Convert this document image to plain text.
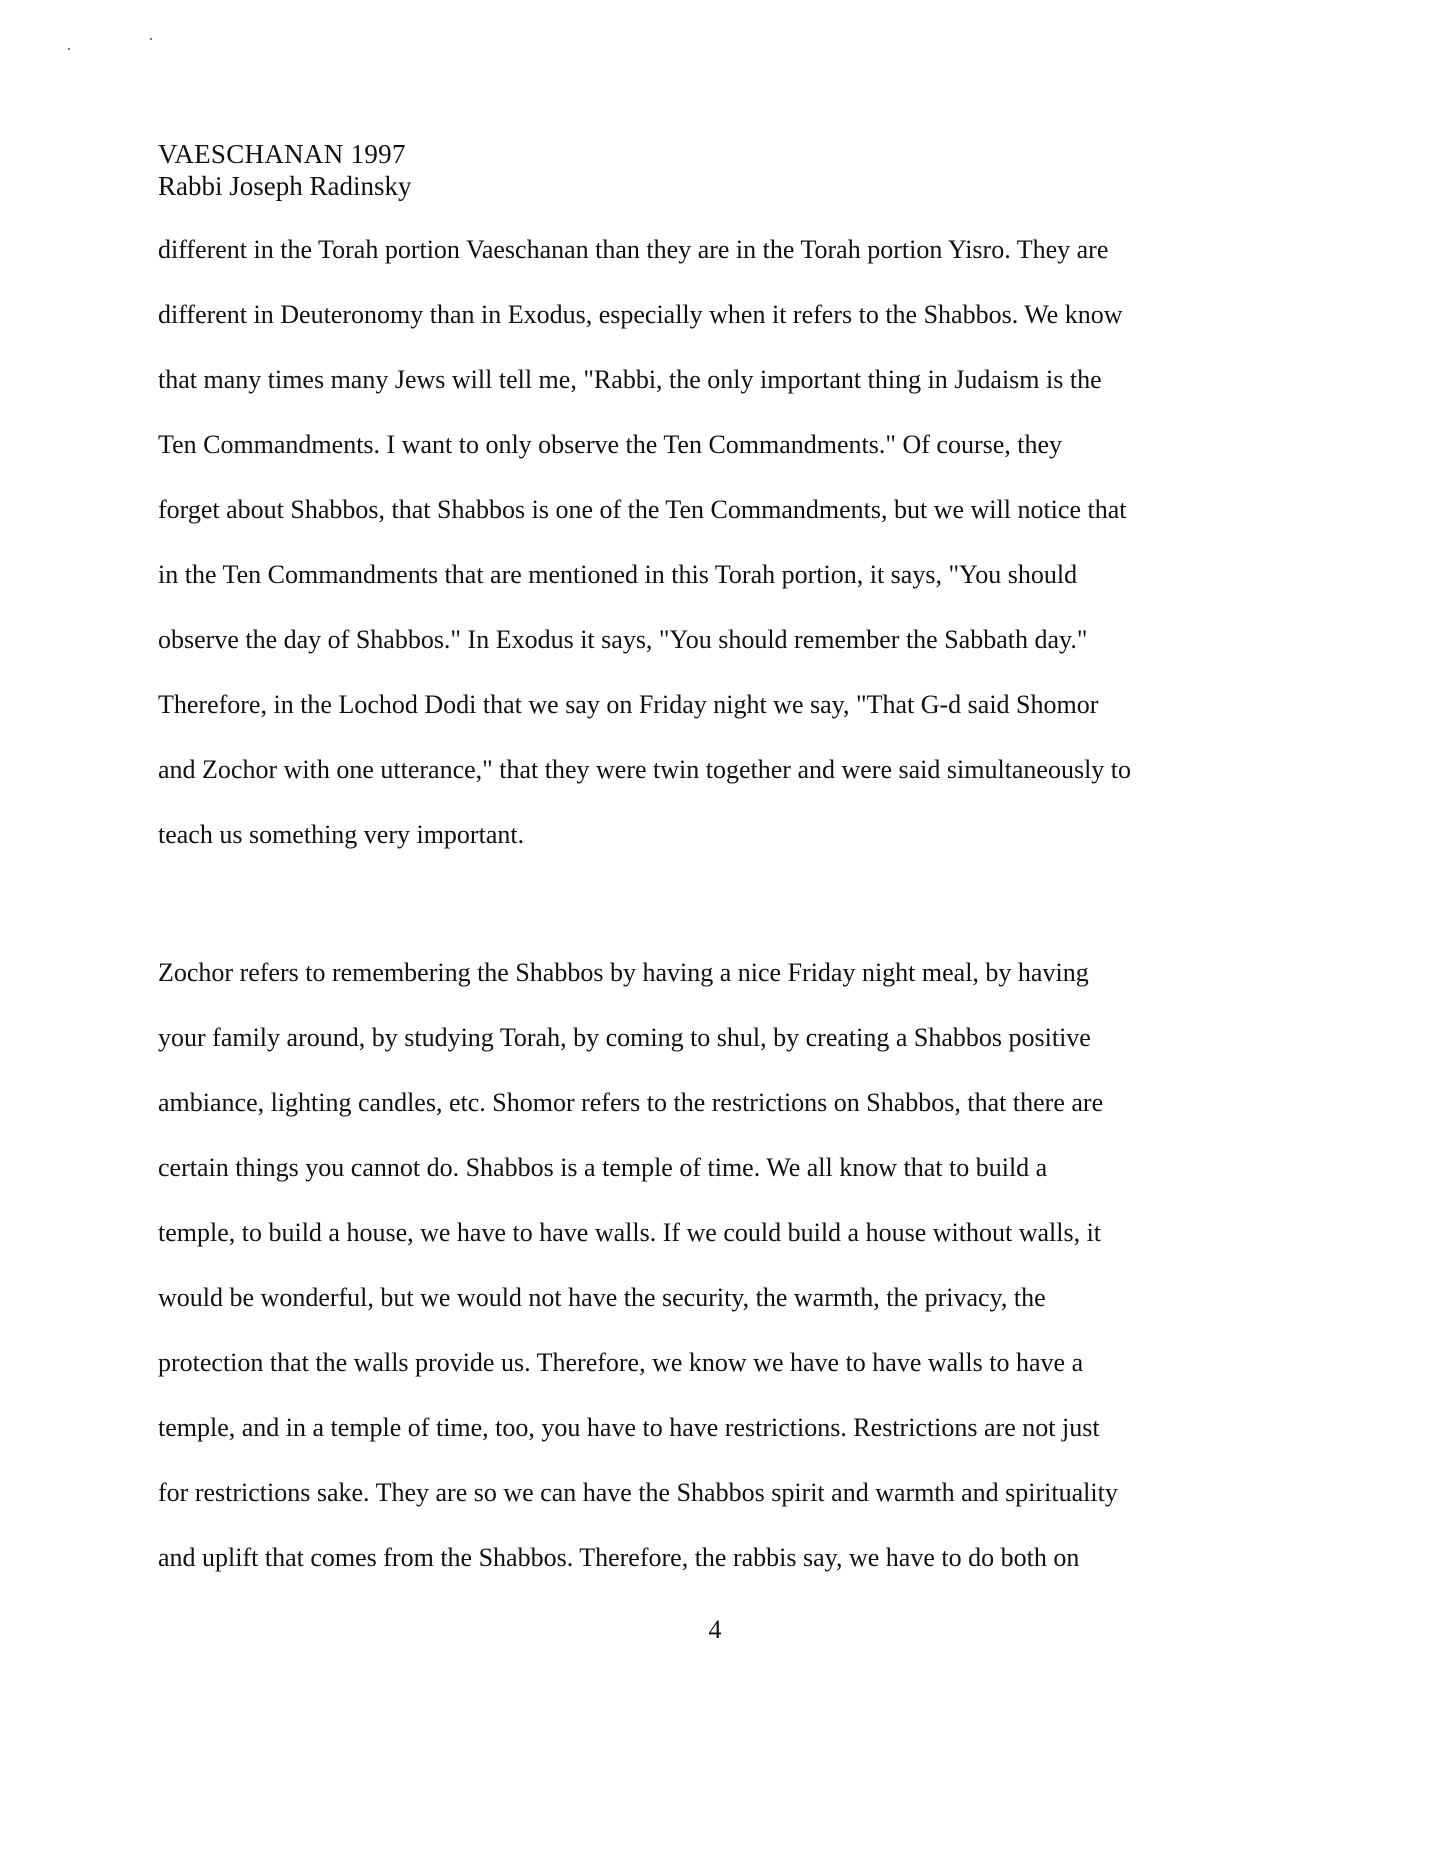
VAESCHANAN 1997
Rabbi Joseph Radinsky

different in the Torah portion Vaeschanan than they are in the Torah portion Yisro. They are
different in Deuteronomy than in Exodus, especially when it refers to the Shabbos. We know
that many times many Jews will tell me, "Rabbi, the only important thing in Judaism is the
Ten Commandments. I want to only observe the Ten Commandments." Of course, they
forget about Shabbos, that Shabbos is one of the Ten Commandments, but we will notice that
in the Ten Commandments that are mentioned in this Torah portion, it says, "You should
observe the day of Shabbos." In Exodus it says, "You should remember the Sabbath day."
Therefore, in the Lochod Dodi that we say on Friday night we say, "That G-d said Shomor
and Zochor with one utterance," that they were twin together and were said simultaneously to
teach us something very important.

Zochor refers to remembering the Shabbos by having a nice Friday night meal, by having
your family around, by studying Torah, by coming to shul, by creating a Shabbos positive
ambiance, lighting candles, etc. Shomor refers to the restrictions on Shabbos, that there are
certain things you cannot do. Shabbos is a temple of time. We all know that to build a
temple, to build a house, we have to have walls. If we could build a house without walls, it
would be wonderful, but we would not have the security, the warmth, the privacy, the
protection that the walls provide us. Therefore, we know we have to have walls to have a
temple, and in a temple of time, too, you have to have restrictions. Restrictions are not just
for restrictions sake. They are so we can have the Shabbos spirit and warmth and spirituality
and uplift that comes from the Shabbos. Therefore, the rabbis say, we have to do both on

4
